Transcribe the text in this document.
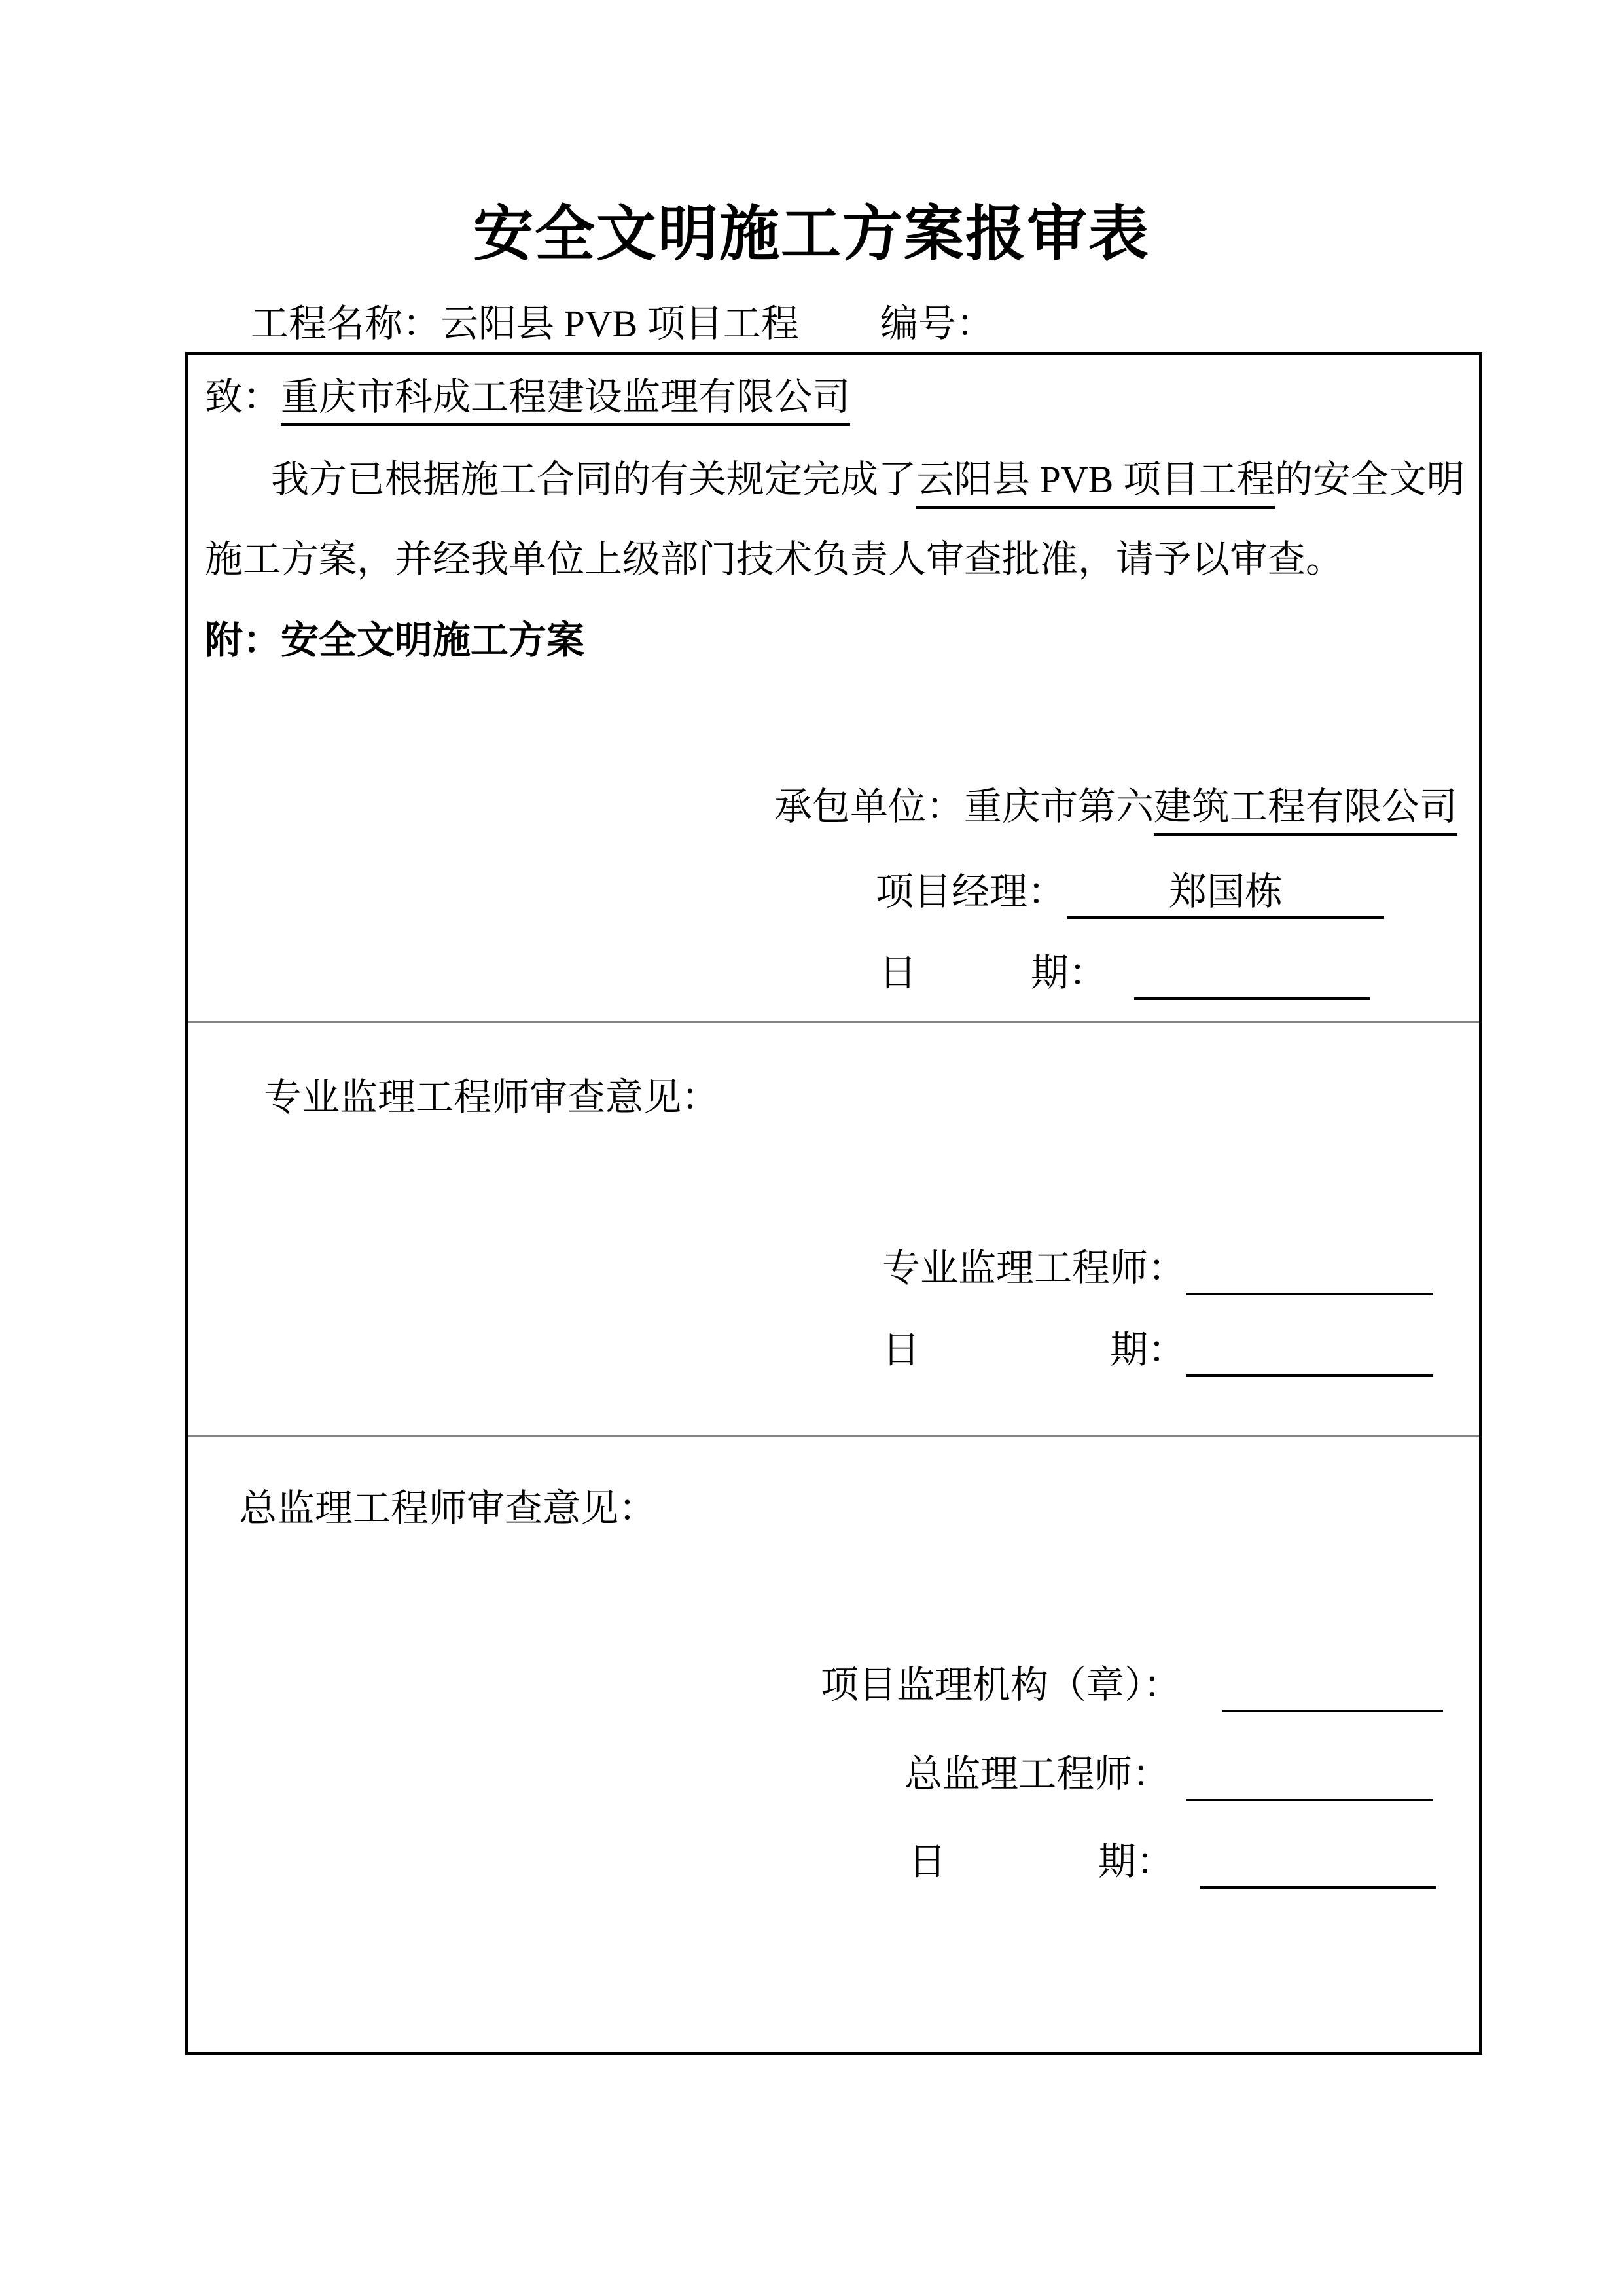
安全文明施工方案报审表
工程名称：云阳县 PVB 项目工程 编号：
致：重庆市科成工程建设监理有限公司
我方已根据施工合同的有关规定完成了云阳县 PVB 项目工程的安全文明
施工方案，并经我单位上级部门技术负责人审查批准，请予以审查。
附：安全文明施工方案
承包单位：重庆市第六建筑工程有限公司
项目经理：	郑国栋
日　　　期：
专业监理工程师审查意见：
专业监理工程师：
日　　　　　期：
总监理工程师审查意见：
项目监理机构（章）：
总监理工程师：
日　　　　期：
